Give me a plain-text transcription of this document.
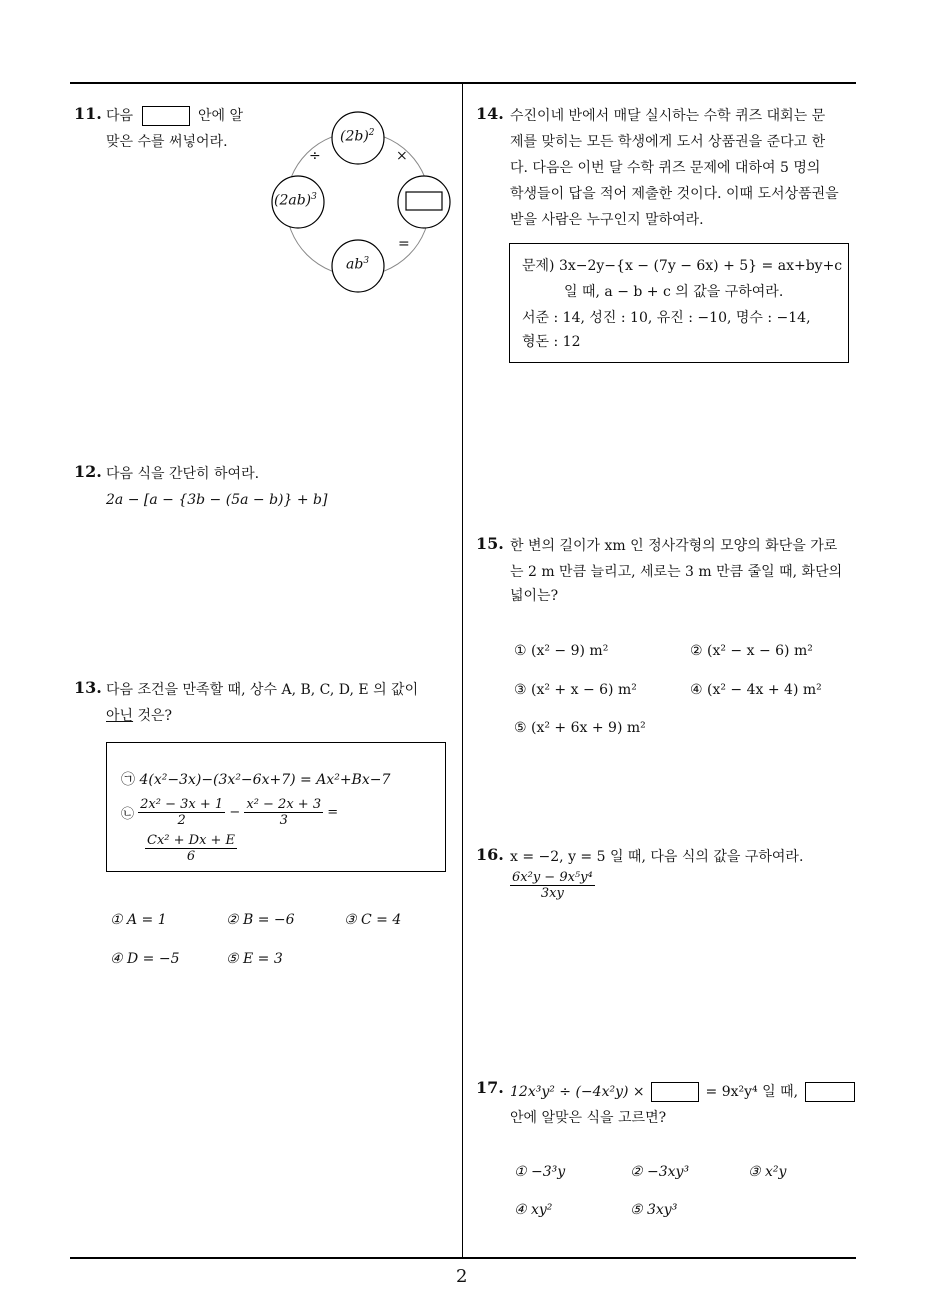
11. 다음	안에 알
맞은 수를 써넣어라.	$(2b)^2$
$(2ab)^3$
$ab^3$
÷	×
=
12. 다음 식을 간단히 하여라.
2a − [a − {3b − (5a − b)} + b]
13. 다음 조건을 만족할 때, 상수 A, B, C, D, E 의 값이
아닌 것은?
㉠ 4(x²−3x)−(3x²−6x+7) = Ax²+Bx−7
㉡ $\frac{\text{2x² − 3x + 1}}{2} - \frac{\text{x² − 2x + 3}}{3}$ =
$\frac{\text{Cx² + Dx + E}}{6}$
① A = 1	② B = −6	③ C = 4
④ D = −5	⑤ E = 3
14. 수진이네 반에서 매달 실시하는 수학 퀴즈 대회는 문
제를 맞히는 모든 학생에게 도서 상품권을 준다고 한
다. 다음은 이번 달 수학 퀴즈 문제에 대하여 5 명의
학생들이 답을 적어 제출한 것이다. 이때 도서상품권을
받을 사람은 누구인지 말하여라.
문제) 3x−2y−{x − (7y − 6x) + 5} = ax+by+c
일 때, a − b + c 의 값을 구하여라.
서준 : 14, 성진 : 10, 유진 : −10, 명수 : −14,
형돈 : 12
15. 한 변의 길이가 xm 인 정사각형의 모양의 화단을 가로
는 2 m 만큼 늘리고, 세로는 3 m 만큼 줄일 때, 화단의
넓이는?
① (x² − 9) m²	② (x² − x − 6) m²
③ (x² + x − 6) m²	④ (x² − 4x + 4) m²
⑤ (x² + 6x + 9) m²
16. x = −2, y = 5 일 때, 다음 식의 값을 구하여라.
$\frac{\text{6x²y − 9x⁵y⁴}}{3xy}$
17. 12x³y² ÷ (−4x²y) ×	= 9x²y⁴ 일 때,
안에 알맞은 식을 고르면?
① −3³y	② −3xy³	③ x²y
④ xy²	⑤ 3xy³
2
